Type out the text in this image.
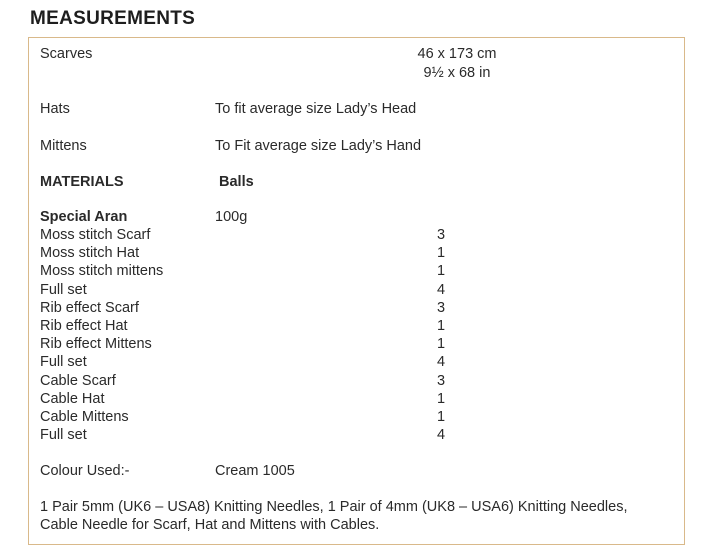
MEASUREMENTS
Scarves	46 x 173 cm
9½ x 68 in
Hats	To fit average size Lady’s Head
Mittens	To Fit average size Lady’s Hand
MATERIALS	Balls
Special Aran	100g
Moss stitch Scarf	3
Moss stitch Hat	1
Moss stitch mittens	1
Full set	4
Rib effect Scarf	3
Rib effect Hat	1
Rib effect Mittens	1
Full set	4
Cable Scarf	3
Cable Hat	1
Cable Mittens	1
Full set	4
Colour Used:-	Cream 1005
1 Pair 5mm (UK6 – USA8) Knitting Needles, 1 Pair of 4mm (UK8 – USA6) Knitting Needles, Cable Needle for Scarf, Hat and Mittens with Cables.
